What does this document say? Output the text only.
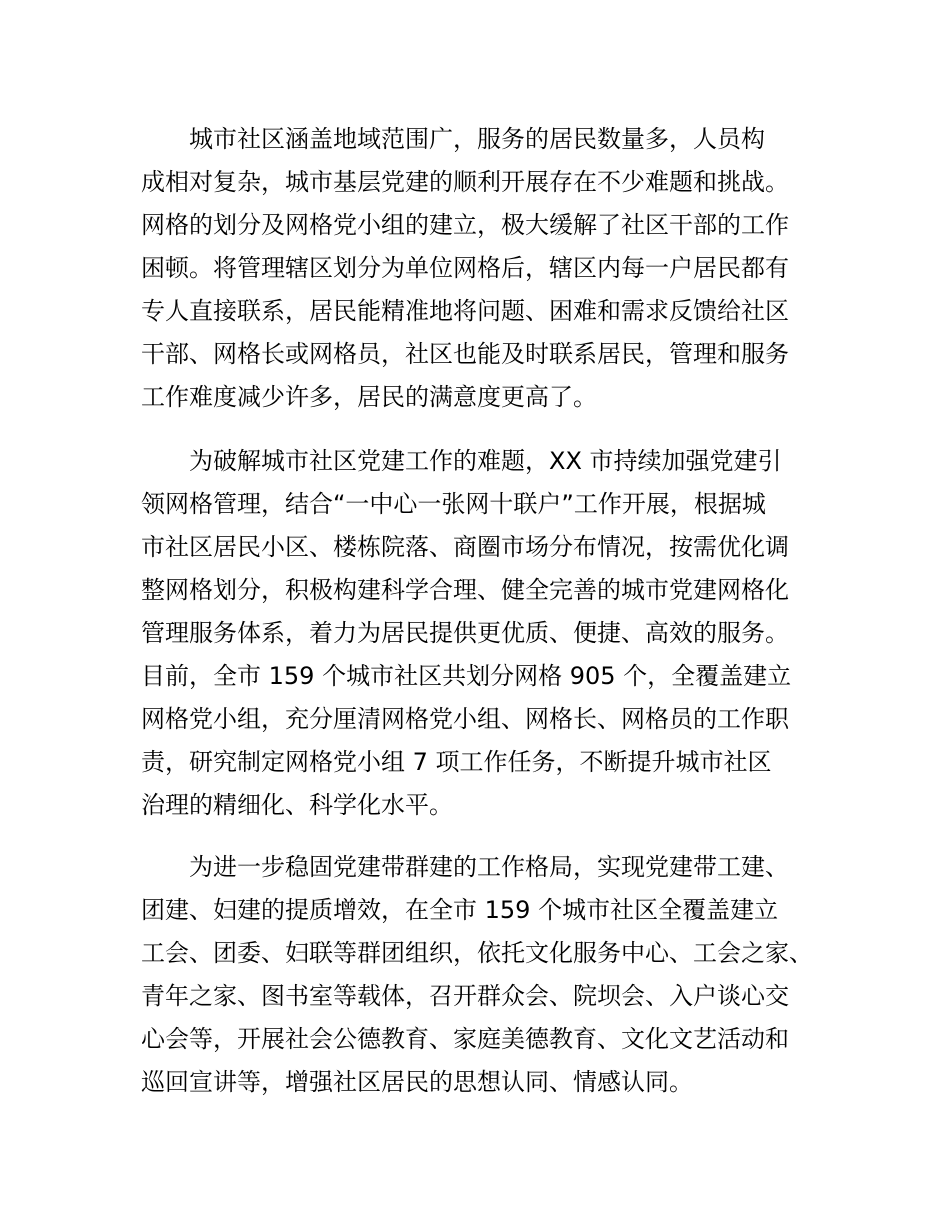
城市社区涵盖地域范围广，服务的居民数量多，人员构
成相对复杂，城市基层党建的顺利开展存在不少难题和挑战。
网格的划分及网格党小组的建立，极大缓解了社区干部的工作
困顿。将管理辖区划分为单位网格后，辖区内每一户居民都有
专人直接联系，居民能精准地将问题、困难和需求反馈给社区
干部、网格长或网格员，社区也能及时联系居民，管理和服务
工作难度减少许多，居民的满意度更高了。
为破解城市社区党建工作的难题，XX 市持续加强党建引
领网格管理，结合“一中心一张网十联户”工作开展，根据城
市社区居民小区、楼栋院落、商圈市场分布情况，按需优化调
整网格划分，积极构建科学合理、健全完善的城市党建网格化
管理服务体系，着力为居民提供更优质、便捷、高效的服务。
目前，全市 159 个城市社区共划分网格 905 个，全覆盖建立
网格党小组，充分厘清网格党小组、网格长、网格员的工作职
责，研究制定网格党小组 7 项工作任务，不断提升城市社区
治理的精细化、科学化水平。
为进一步稳固党建带群建的工作格局，实现党建带工建、
团建、妇建的提质增效，在全市 159 个城市社区全覆盖建立
工会、团委、妇联等群团组织，依托文化服务中心、工会之家、
青年之家、图书室等载体，召开群众会、院坝会、入户谈心交
心会等，开展社会公德教育、家庭美德教育、文化文艺活动和
巡回宣讲等，增强社区居民的思想认同、情感认同。
